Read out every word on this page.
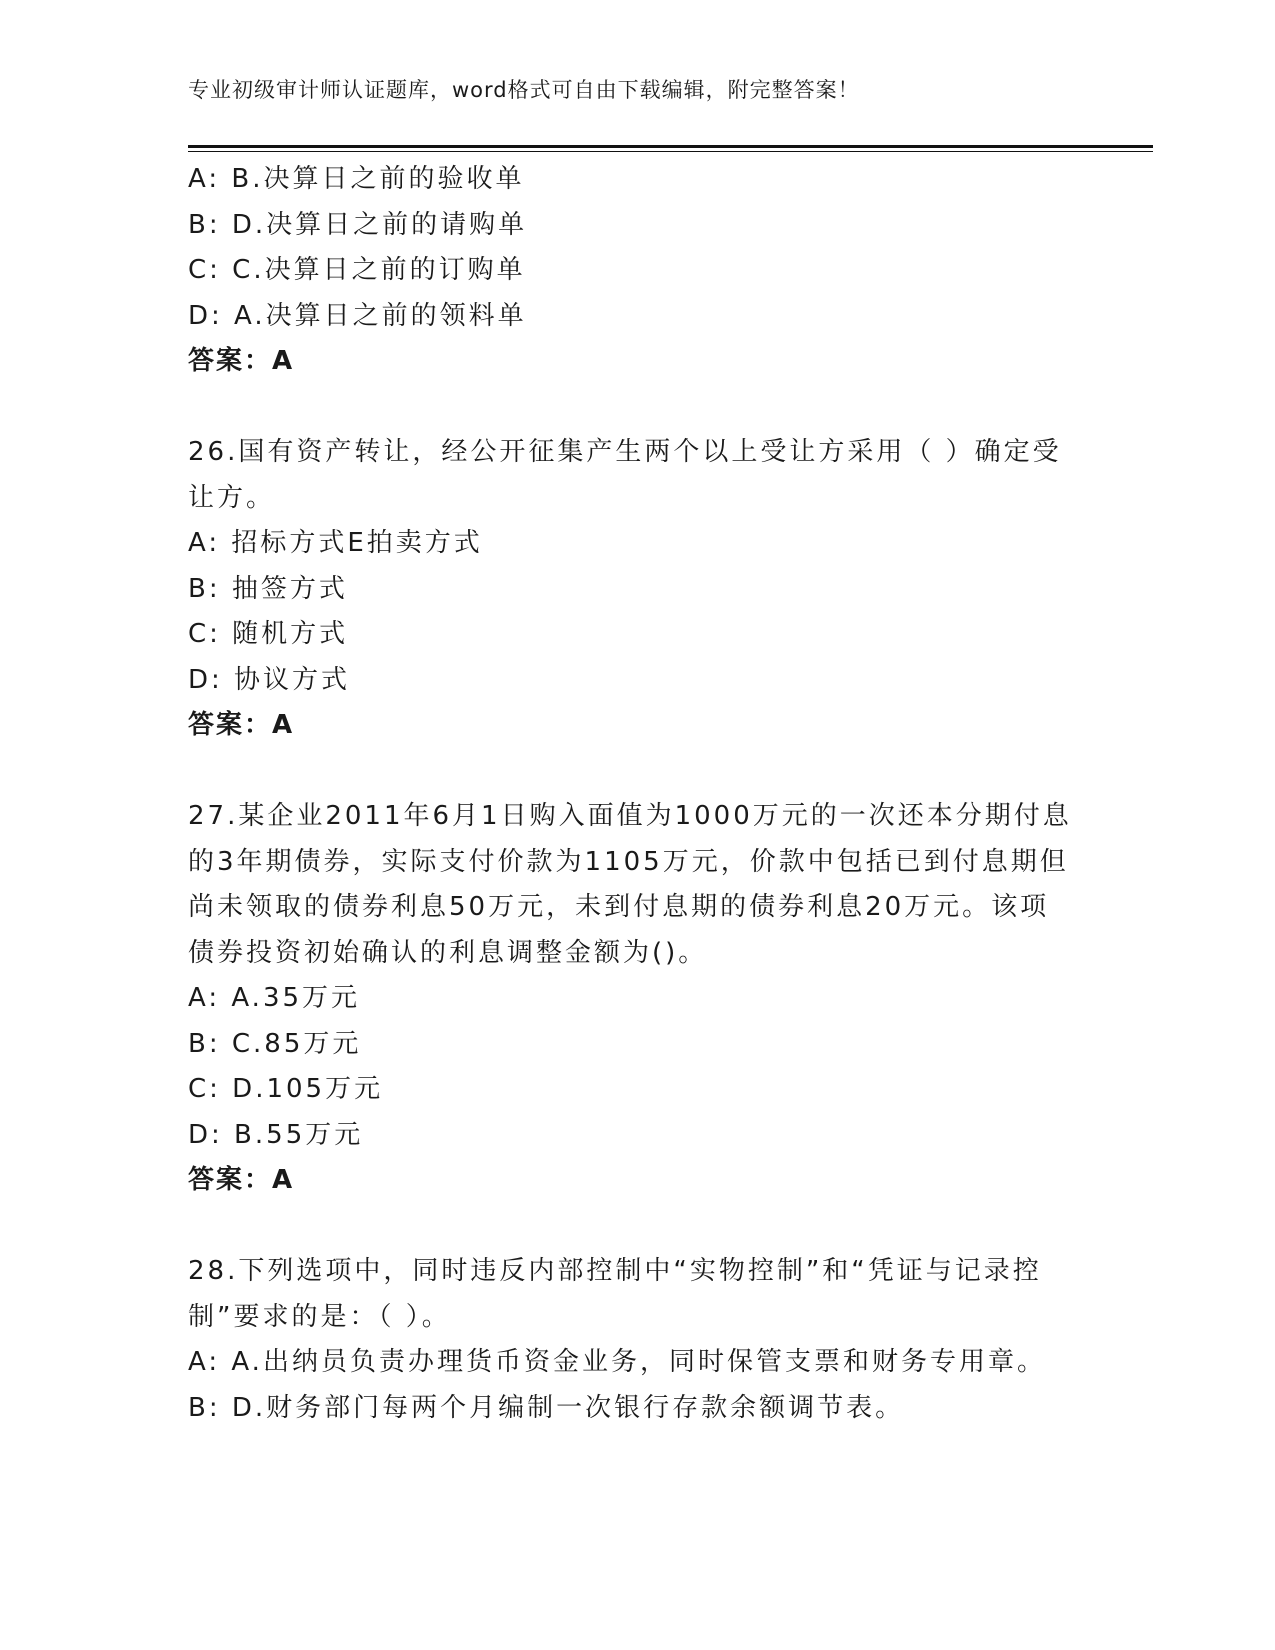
专业初级审计师认证题库，word格式可自由下载编辑，附完整答案！
A: B.决算日之前的验收单
B: D.决算日之前的请购单
C: C.决算日之前的订购单
D: A.决算日之前的领料单
答案：A
26.国有资产转让，经公开征集产生两个以上受让方采用（ ）确定受
让方。
A: 招标方式E拍卖方式
B: 抽签方式
C: 随机方式
D: 协议方式
答案：A
27.某企业2011年6月1日购入面值为1000万元的一次还本分期付息
的3年期债券，实际支付价款为1105万元，价款中包括已到付息期但
尚未领取的债券利息50万元，未到付息期的债券利息20万元。该项
债券投资初始确认的利息调整金额为()。
A: A.35万元
B: C.85万元
C: D.105万元
D: B.55万元
答案：A
28.下列选项中，同时违反内部控制中“实物控制”和“凭证与记录控
制”要求的是：（ ）。
A: A.出纳员负责办理货币资金业务，同时保管支票和财务专用章。
B: D.财务部门每两个月编制一次银行存款余额调节表。
